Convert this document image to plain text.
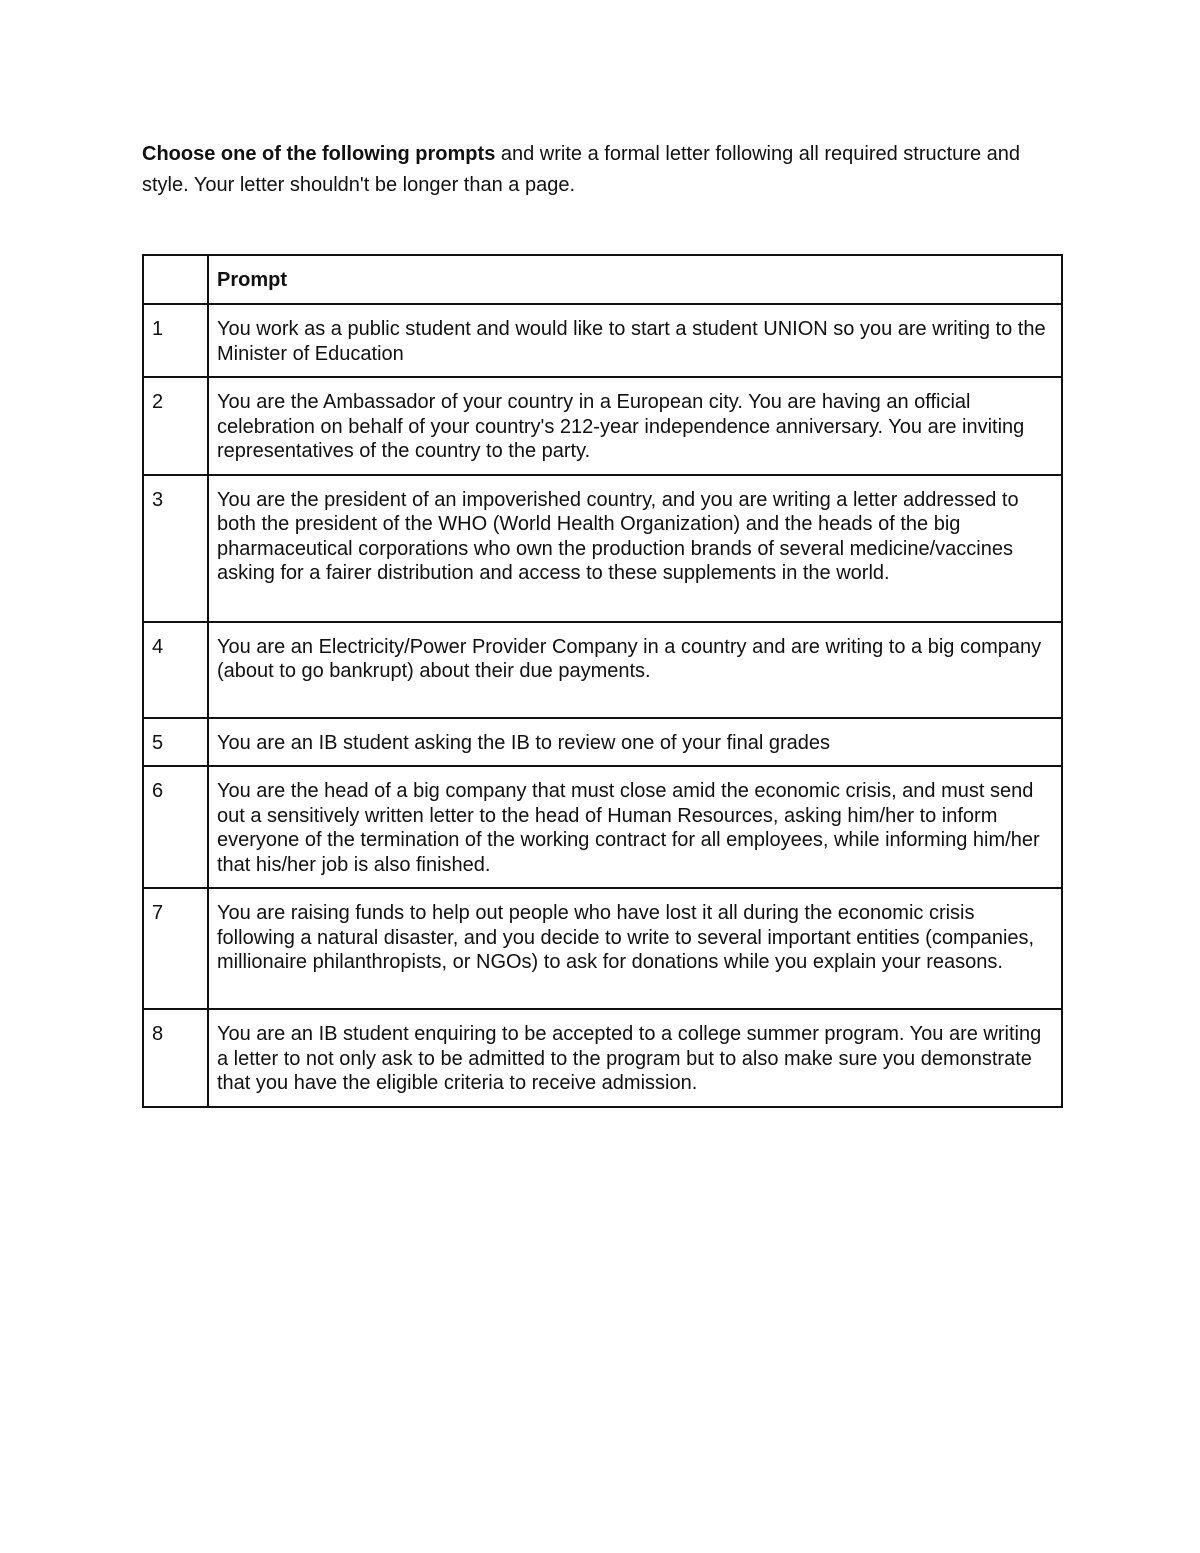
Choose one of the following prompts and write a formal letter following all required structure and style. Your letter shouldn't be longer than a page.

	Prompt
1	You work as a public student and would like to start a student UNION so you are writing to the Minister of Education
2	You are the Ambassador of your country in a European city. You are having an official celebration on behalf of your country's 212-year independence anniversary. You are inviting representatives of the country to the party.
3	You are the president of an impoverished country, and you are writing a letter addressed to both the president of the WHO (World Health Organization) and the heads of the big pharmaceutical corporations who own the production brands of several medicine/vaccines asking for a fairer distribution and access to these supplements in the world.
4	You are an Electricity/Power Provider Company in a country and are writing to a big company (about to go bankrupt) about their due payments.
5	You are an IB student asking the IB to review one of your final grades
6	You are the head of a big company that must close amid the economic crisis, and must send out a sensitively written letter to the head of Human Resources, asking him/her to inform everyone of the termination of the working contract for all employees, while informing him/her that his/her job is also finished.
7	You are raising funds to help out people who have lost it all during the economic crisis following a natural disaster, and you decide to write to several important entities (companies, millionaire philanthropists, or NGOs) to ask for donations while you explain your reasons.
8	You are an IB student enquiring to be accepted to a college summer program. You are writing a letter to not only ask to be admitted to the program but to also make sure you demonstrate that you have the eligible criteria to receive admission.
